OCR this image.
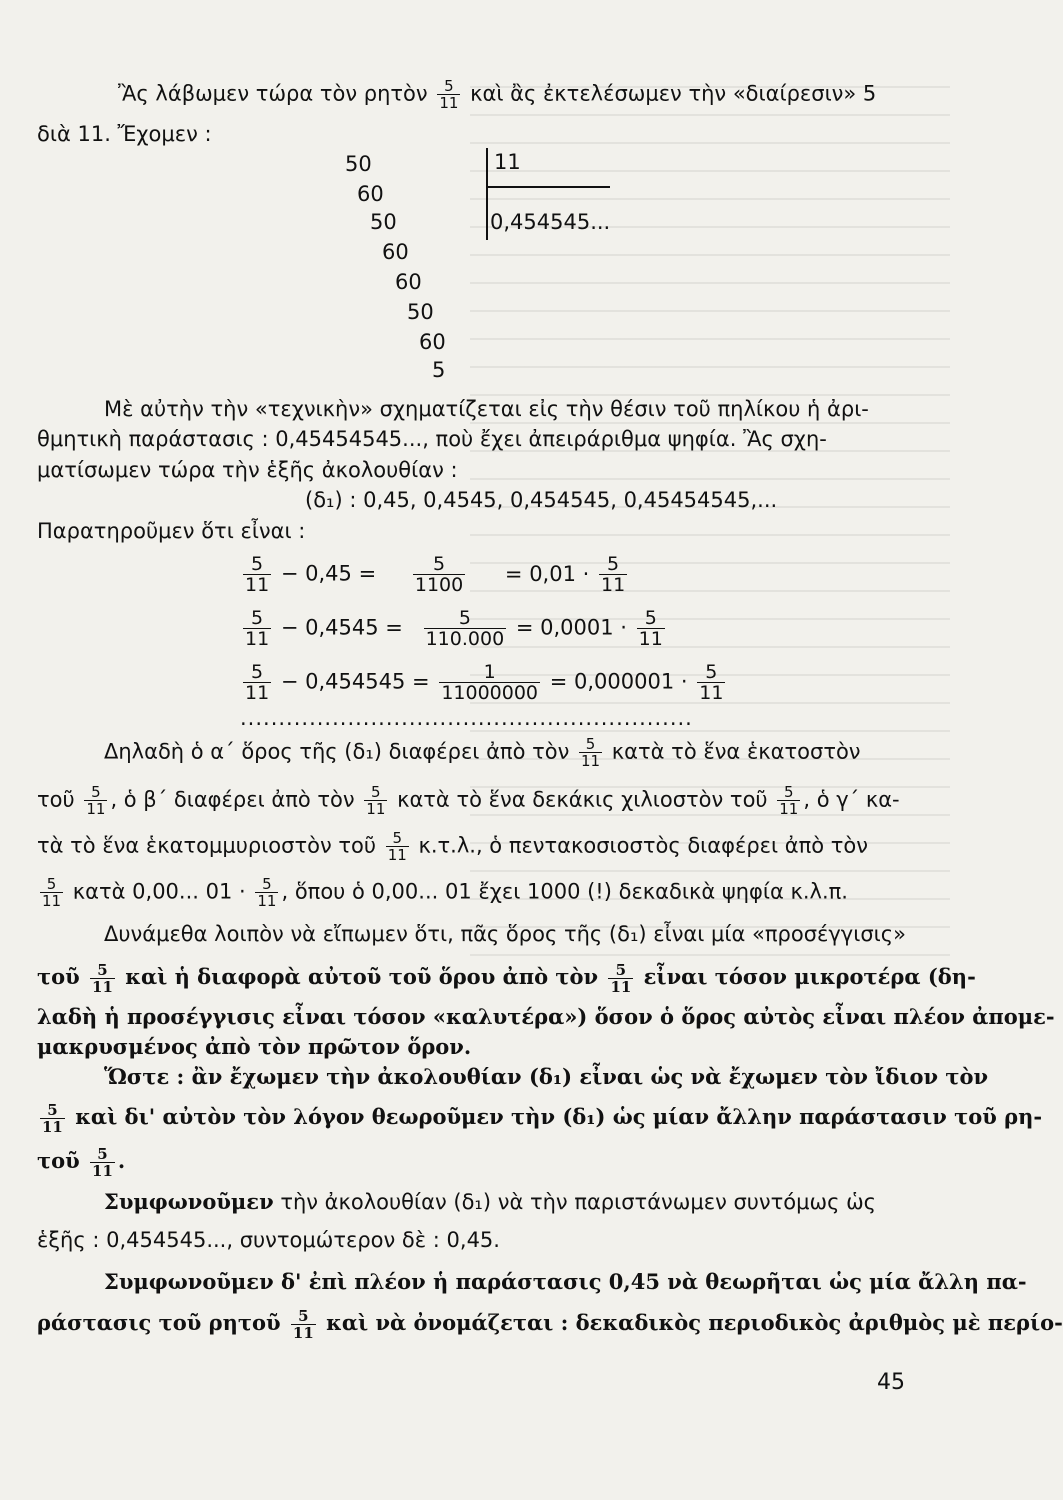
Ἂς λάβωμεν τώρα τὸν ρητὸν $\frac{5}{11}$ καὶ ἂς ἐκτελέσωμεν τὴν «διαίρεσιν» 5
διὰ 11. Ἔχομεν :
50
60
50
60
60
50
60
5
11
0,454545...
Μὲ αὐτὴν τὴν «τεχνικὴν» σχηματίζεται εἰς τὴν θέσιν τοῦ πηλίκου ἡ ἀρι-
θμητικὴ παράστασις : 0,45454545..., ποὺ ἔχει ἀπειράριθμα ψηφία. Ἂς σχη-
ματίσωμεν τώρα τὴν ἑξῆς ἀκολουθίαν :
(δ₁) : 0,45, 0,4545, 0,454545, 0,45454545,...
Παρατηροῦμεν ὅτι εἶναι :
$\frac{5}{11} - 0,45 = \frac{5}{1100} = 0,01 \cdot \frac{5}{11}$
$\frac{5}{11} - 0,4545 = \frac{5}{110.000} = 0,0001 \cdot \frac{5}{11}$
$\frac{5}{11} - 0,454545 = \frac{1}{11000000} = 0,000001 \cdot \frac{5}{11}$
...........................................................
Δηλαδὴ ὁ α΄ ὅρος τῆς (δ₁) διαφέρει ἀπὸ τὸν $\frac{5}{11}$ κατὰ τὸ ἕνα ἑκατοστὸν
τοῦ $\frac{5}{11}$ , ὁ β΄ διαφέρει ἀπὸ τὸν $\frac{5}{11}$ κατὰ τὸ ἕνα δεκάκις χιλιοστὸν τοῦ $\frac{5}{11}$ , ὁ γ΄ κα-
τὰ τὸ ἕνα ἑκατομμυριοστὸν τοῦ $\frac{5}{11} \kappa.\tau.\lambda$., ὁ πεντακοσιοστὸς διαφέρει ἀπὸ τὸν
$\frac{5}{11}$ κατὰ 0,00... $01 \cdot \frac{5}{11}$ , ὅπου ὁ 0,00... 01 ἔχει 1000 (!) δεκαδικὰ ψηφία κ.λ.π.
Δυνάμεθα λοιπὸν νὰ εἴπωμεν ὅτι, πᾶς ὅρος τῆς (δ₁) εἶναι μία «προσέγγισις»
τοῦ $\frac{5}{11}$ καὶ ἡ διαφορὰ αὐτοῦ τοῦ ὅρου ἀπὸ τὸν $\frac{5}{11}$ εἶναι τόσον μικροτέρα (δη-
λαδὴ ἡ προσέγγισις εἶναι τόσον «καλυτέρα») ὅσον ὁ ὅρος αὐτὸς εἶναι πλέον ἀπομε-
μακρυσμένος ἀπὸ τὸν πρῶτον ὅρον.
Ὥστε : ἂν ἔχωμεν τὴν ἀκολουθίαν (δ₁) εἶναι ὡς νὰ ἔχωμεν τὸν ἴδιον τὸν
$\frac{5}{11}$ καὶ δι' αὐτὸν τὸν λόγον θεωροῦμεν τὴν (δ₁) ὡς μίαν ἄλλην παράστασιν τοῦ ρη-
τοῦ $\frac{5}{11}$ .
Συμφωνοῦμεν τὴν ἀκολουθίαν (δ₁) νὰ τὴν παριστάνωμεν συντόμως ὡς
ἑξῆς : 0,454545..., συντομώτερον δὲ : 0,45.
Συμφωνοῦμεν δ' ἐπὶ πλέον ἡ παράστασις 0,45 νὰ θεωρῆται ὡς μία ἄλλη πα-
ράστασις τοῦ ρητοῦ $\frac{5}{11}$ καὶ νὰ ὀνομάζεται : δεκαδικὸς περιοδικὸς ἀριθμὸς μὲ περίο-
45
